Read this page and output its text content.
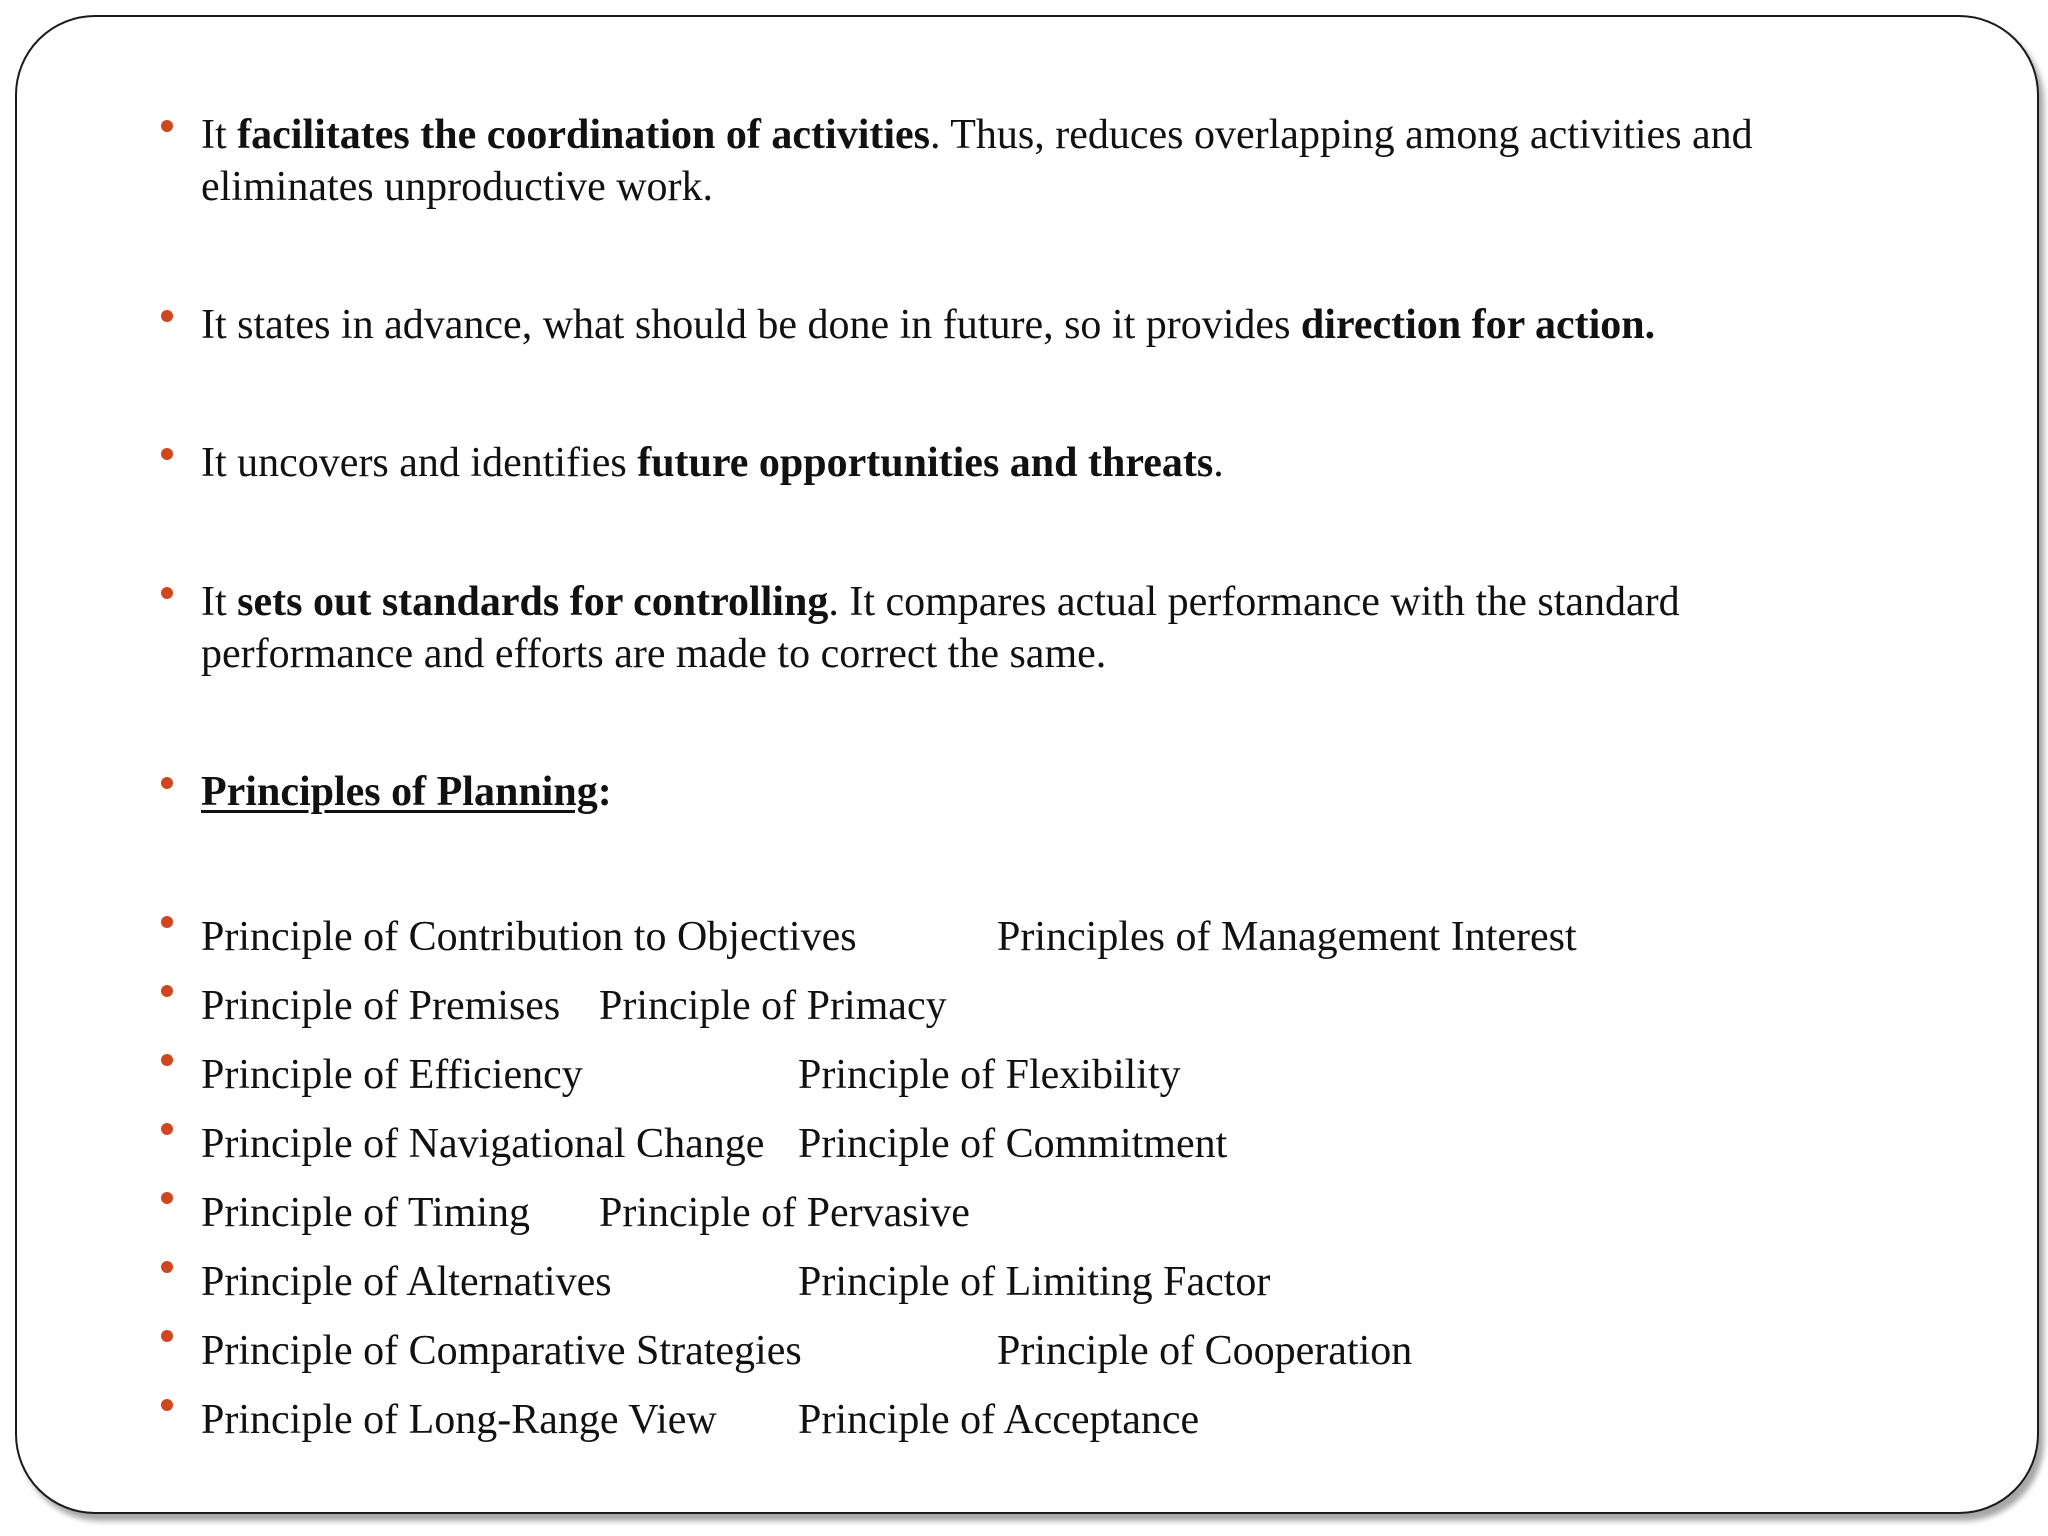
It facilitates the coordination of activities. Thus, reduces overlapping among activities and eliminates unproductive work.
It states in advance, what should be done in future, so it provides direction for action.
It uncovers and identifies future opportunities and threats.
It sets out standards for controlling. It compares actual performance with the standard performance and efforts are made to correct the same.
Principles of Planning:
Principle of Contribution to Objectives	Principles of Management Interest
Principle of Premises Principle of Primacy
Principle of Efficiency	Principle of Flexibility
Principle of Navigational Change Principle of Commitment
Principle of Timing Principle of Pervasive
Principle of Alternatives	Principle of Limiting Factor
Principle of Comparative Strategies	Principle of Cooperation
Principle of Long-Range View Principle of Acceptance
